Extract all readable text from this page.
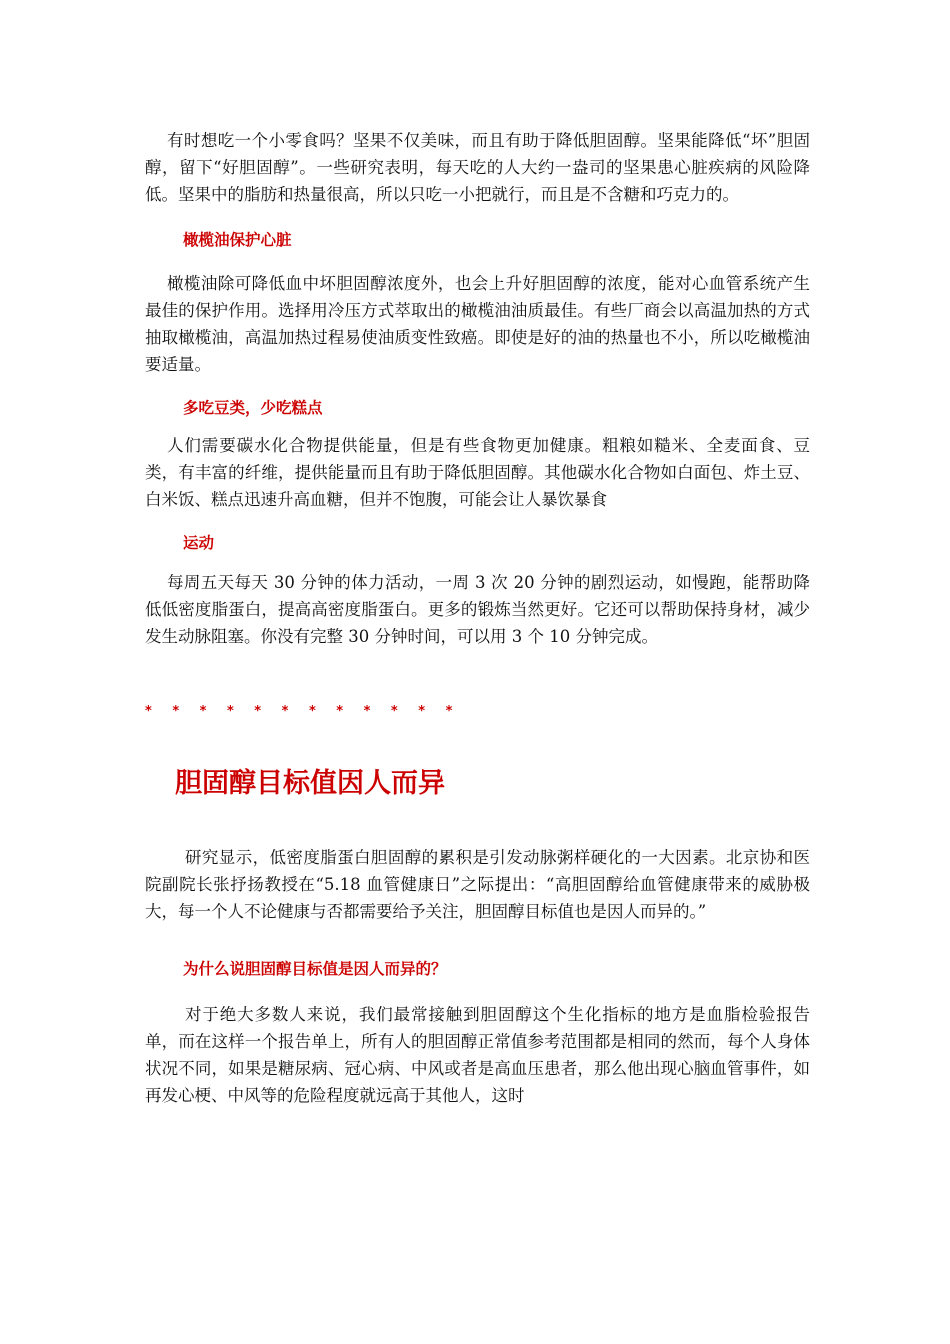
有时想吃一个小零食吗？坚果不仅美味，而且有助于降低胆固醇。坚果能降低“坏”胆固醇，留下“好胆固醇”。一些研究表明，每天吃的人大约一盎司的坚果患心脏疾病的风险降低。坚果中的脂肪和热量很高，所以只吃一小把就行，而且是不含糖和巧克力的。

橄榄油保护心脏

橄榄油除可降低血中坏胆固醇浓度外，也会上升好胆固醇的浓度，能对心血管系统产生最佳的保护作用。选择用冷压方式萃取出的橄榄油油质最佳。有些厂商会以高温加热的方式抽取橄榄油，高温加热过程易使油质变性致癌。即使是好的油的热量也不小，所以吃橄榄油要适量。

多吃豆类，少吃糕点

人们需要碳水化合物提供能量，但是有些食物更加健康。粗粮如糙米、全麦面食、豆类，有丰富的纤维，提供能量而且有助于降低胆固醇。其他碳水化合物如白面包、炸土豆、白米饭、糕点迅速升高血糖，但并不饱腹，可能会让人暴饮暴食

运动

每周五天每天 30 分钟的体力活动，一周 3 次 20 分钟的剧烈运动，如慢跑，能帮助降低低密度脂蛋白，提高高密度脂蛋白。更多的锻炼当然更好。它还可以帮助保持身材，减少发生动脉阻塞。你没有完整 30 分钟时间，可以用 3 个 10 分钟完成。

* * * * * * * * * * * *

胆固醇目标值因人而异

研究显示，低密度脂蛋白胆固醇的累积是引发动脉粥样硬化的一大因素。北京协和医院副院长张抒扬教授在“5.18 血管健康日”之际提出：“高胆固醇给血管健康带来的威胁极大，每一个人不论健康与否都需要给予关注，胆固醇目标值也是因人而异的。”

为什么说胆固醇目标值是因人而异的？

对于绝大多数人来说，我们最常接触到胆固醇这个生化指标的地方是血脂检验报告单，而在这样一个报告单上，所有人的胆固醇正常值参考范围都是相同的然而，每个人身体状况不同，如果是糖尿病、冠心病、中风或者是高血压患者，那么他出现心脑血管事件，如再发心梗、中风等的危险程度就远高于其他人，这时
